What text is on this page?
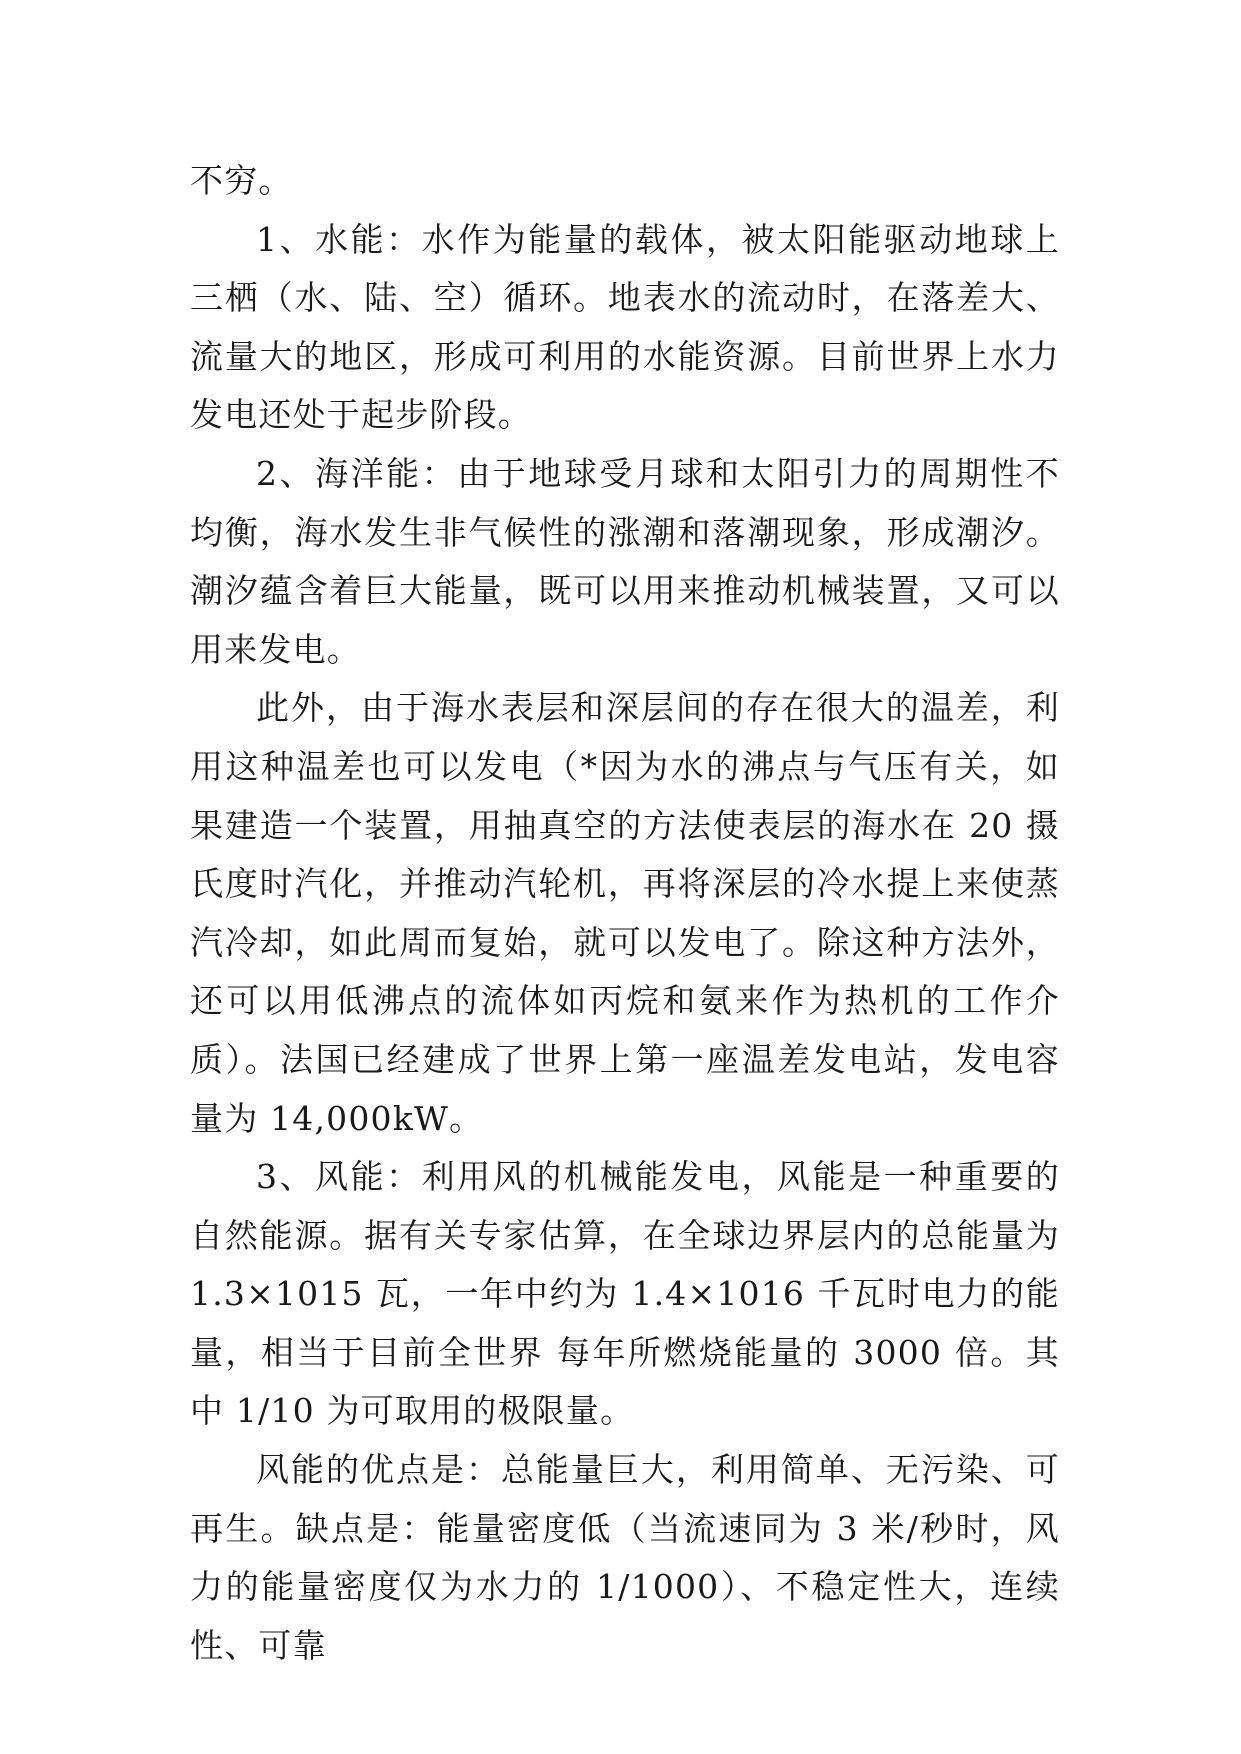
不穷。

1、水能：水作为能量的载体，被太阳能驱动地球上三栖（水、陆、空）循环。地表水的流动时，在落差大、流量大的地区，形成可利用的水能资源。目前世界上水力发电还处于起步阶段。

2、海洋能：由于地球受月球和太阳引力的周期性不均衡，海水发生非气候性的涨潮和落潮现象，形成潮汐。潮汐蕴含着巨大能量，既可以用来推动机械装置，又可以用来发电。

此外，由于海水表层和深层间的存在很大的温差，利用这种温差也可以发电（*因为水的沸点与气压有关，如果建造一个装置，用抽真空的方法使表层的海水在 20 摄氏度时汽化，并推动汽轮机，再将深层的冷水提上来使蒸汽冷却，如此周而复始，就可以发电了。除这种方法外，还可以用低沸点的流体如丙烷和氨来作为热机的工作介质）。法国已经建成了世界上第一座温差发电站，发电容量为 14,000kW。

3、风能：利用风的机械能发电，风能是一种重要的自然能源。据有关专家估算，在全球边界层内的总能量为 1.3×1015 瓦，一年中约为 1.4×1016 千瓦时电力的能量，相当于目前全世界 每年所燃烧能量的 3000 倍。其中 1/10 为可取用的极限量。

风能的优点是：总能量巨大，利用简单、无污染、可再生。缺点是：能量密度低（当流速同为 3 米/秒时，风力的能量密度仅为水力的 1/1000）、不稳定性大，连续性、可靠
